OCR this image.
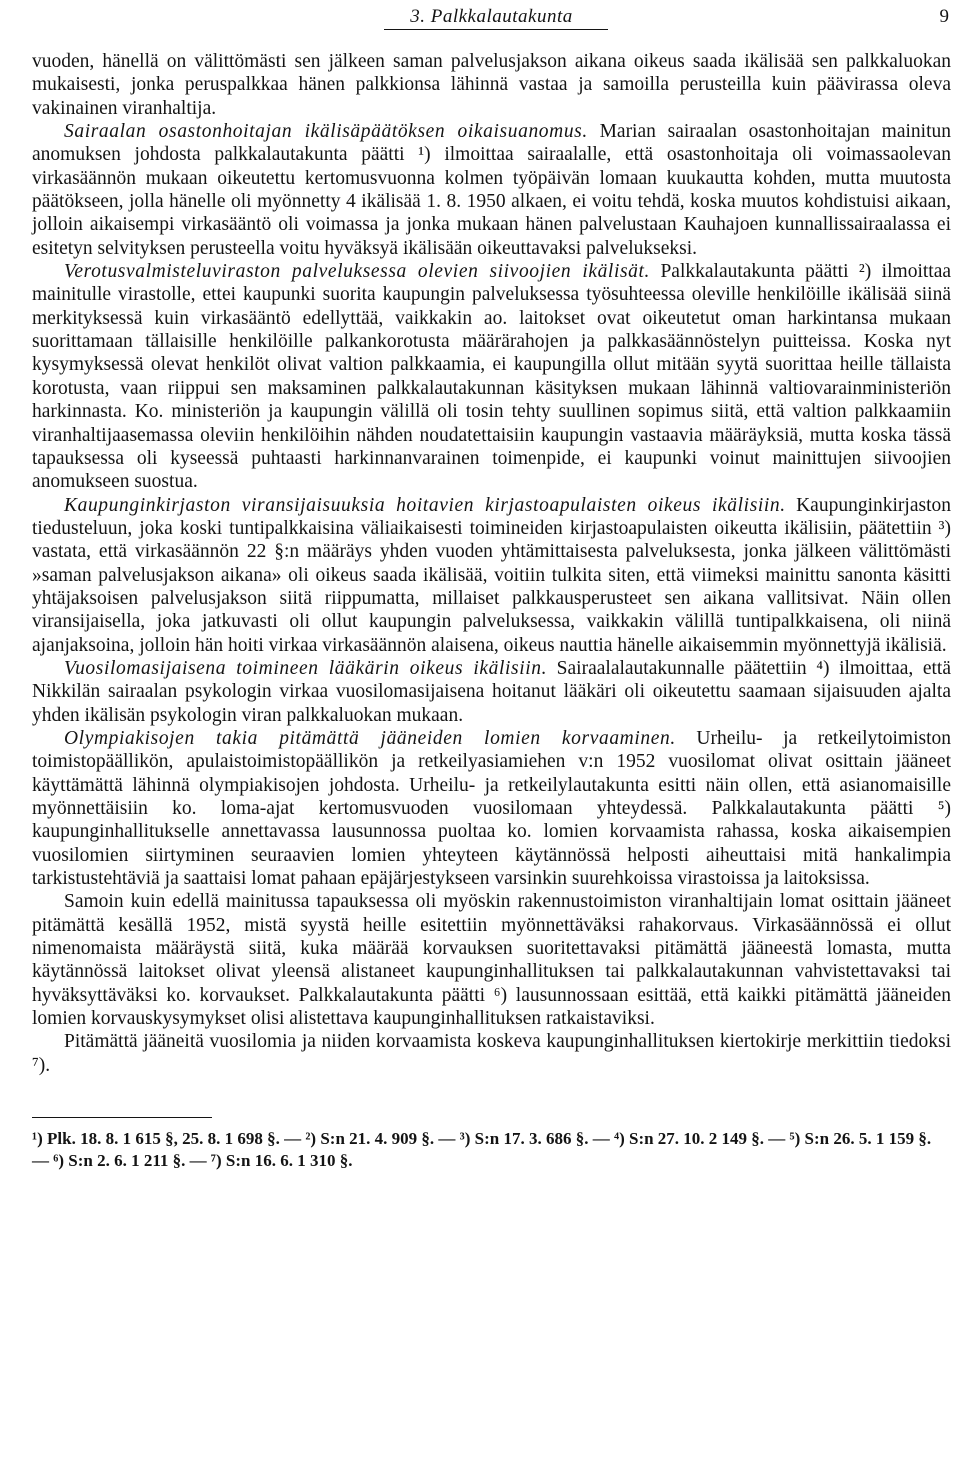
3. Palkkalautakunta	9

vuoden, hänellä on välittömästi sen jälkeen saman palvelusjakson aikana oikeus saada ikälisää sen palkkaluokan mukaisesti, jonka peruspalkkaa hänen palkkionsa lähinnä vastaa ja samoilla perusteilla kuin päävirassa oleva vakinainen viranhaltija.

Sairaalan osastonhoitajan ikälisäpäätöksen oikaisuanomus. Marian sairaalan osastonhoitajan mainitun anomuksen johdosta palkkalautakunta päätti ¹) ilmoittaa sairaalalle, että osastonhoitaja oli voimassaolevan virkasäännön mukaan oikeutettu kertomusvuonna kolmen työpäivän lomaan kuukautta kohden, mutta muutosta päätökseen, jolla hänelle oli myönnetty 4 ikälisää 1. 8. 1950 alkaen, ei voitu tehdä, koska muutos kohdistuisi aikaan, jolloin aikaisempi virkasääntö oli voimassa ja jonka mukaan hänen palvelustaan Kauhajoen kunnallissairaalassa ei esitetyn selvityksen perusteella voitu hyväksyä ikälisään oikeuttavaksi palvelukseksi.

Verotusvalmisteluviraston palveluksessa olevien siivoojien ikälisät. Palkkalautakunta päätti ²) ilmoittaa mainitulle virastolle, ettei kaupunki suorita kaupungin palveluksessa työsuhteessa oleville henkilöille ikälisää siinä merkityksessä kuin virkasääntö edellyttää, vaikkakin ao. laitokset ovat oikeutetut oman harkintansa mukaan suorittamaan tällaisille henkilöille palkankorotusta määrärahojen ja palkkasäännöstelyn puitteissa. Koska nyt kysymyksessä olevat henkilöt olivat valtion palkkaamia, ei kaupungilla ollut mitään syytä suorittaa heille tällaista korotusta, vaan riippui sen maksaminen palkkalautakunnan käsityksen mukaan lähinnä valtiovarainministeriön harkinnasta. Ko. ministeriön ja kaupungin välillä oli tosin tehty suullinen sopimus siitä, että valtion palkkaamiin viranhaltijaasemassa oleviin henkilöihin nähden noudatettaisiin kaupungin vastaavia määräyksiä, mutta koska tässä tapauksessa oli kyseessä puhtaasti harkinnanvarainen toimenpide, ei kaupunki voinut mainittujen siivoojien anomukseen suostua.

Kaupunginkirjaston viransijaisuuksia hoitavien kirjastoapulaisten oikeus ikälisiin. Kaupunginkirjaston tiedusteluun, joka koski tuntipalkkaisina väliaikaisesti toimineiden kirjastoapulaisten oikeutta ikälisiin, päätettiin ³) vastata, että virkasäännön 22 §:n määräys yhden vuoden yhtämittaisesta palveluksesta, jonka jälkeen välittömästi »saman palvelusjakson aikana» oli oikeus saada ikälisää, voitiin tulkita siten, että viimeksi mainittu sanonta käsitti yhtäjaksoisen palvelusjakson siitä riippumatta, millaiset palkkausperusteet sen aikana vallitsivat. Näin ollen viransijaisella, joka jatkuvasti oli ollut kaupungin palveluksessa, vaikkakin välillä tuntipalkkaisena, oli niinä ajanjaksoina, jolloin hän hoiti virkaa virkasäännön alaisena, oikeus nauttia hänelle aikaisemmin myönnettyjä ikälisiä.

Vuosilomasijaisena toimineen lääkärin oikeus ikälisiin. Sairaalalautakunnalle päätettiin ⁴) ilmoittaa, että Nikkilän sairaalan psykologin virkaa vuosilomasijaisena hoitanut lääkäri oli oikeutettu saamaan sijaisuuden ajalta yhden ikälisän psykologin viran palkkaluokan mukaan.

Olympiakisojen takia pitämättä jääneiden lomien korvaaminen. Urheilu- ja retkeilytoimiston toimistopäällikön, apulaistoimistopäällikön ja retkeilyasiamiehen v:n 1952 vuosilomat olivat osittain jääneet käyttämättä lähinnä olympiakisojen johdosta. Urheilu- ja retkeilylautakunta esitti näin ollen, että asianomaisille myönnettäisiin ko. loma-ajat kertomusvuoden vuosilomaan yhteydessä. Palkkalautakunta päätti ⁵) kaupunginhallitukselle annettavassa lausunnossa puoltaa ko. lomien korvaamista rahassa, koska aikaisempien vuosilomien siirtyminen seuraavien lomien yhteyteen käytännössä helposti aiheuttaisi mitä hankalimpia tarkistustehtäviä ja saattaisi lomat pahaan epäjärjestykseen varsinkin suurehkoissa virastoissa ja laitoksissa.

Samoin kuin edellä mainitussa tapauksessa oli myöskin rakennustoimiston viranhaltijain lomat osittain jääneet pitämättä kesällä 1952, mistä syystä heille esitettiin myönnettäväksi rahakorvaus. Virkasäännössä ei ollut nimenomaista määräystä siitä, kuka määrää korvauksen suoritettavaksi pitämättä jääneestä lomasta, mutta käytännössä laitokset olivat yleensä alistaneet kaupunginhallituksen tai palkkalautakunnan vahvistettavaksi tai hyväksyttäväksi ko. korvaukset. Palkkalautakunta päätti ⁶) lausunnossaan esittää, että kaikki pitämättä jääneiden lomien korvauskysymykset olisi alistettava kaupunginhallituksen ratkaistaviksi.

Pitämättä jääneitä vuosilomia ja niiden korvaamista koskeva kaupunginhallituksen kiertokirje merkittiin tiedoksi ⁷).

¹) Plk. 18. 8. 1 615 §, 25. 8. 1 698 §. — ²) S:n 21. 4. 909 §. — ³) S:n 17. 3. 686 §. — ⁴) S:n 27. 10. 2 149 §. — ⁵) S:n 26. 5. 1 159 §. — ⁶) S:n 2. 6. 1 211 §. — ⁷) S:n 16. 6. 1 310 §.
